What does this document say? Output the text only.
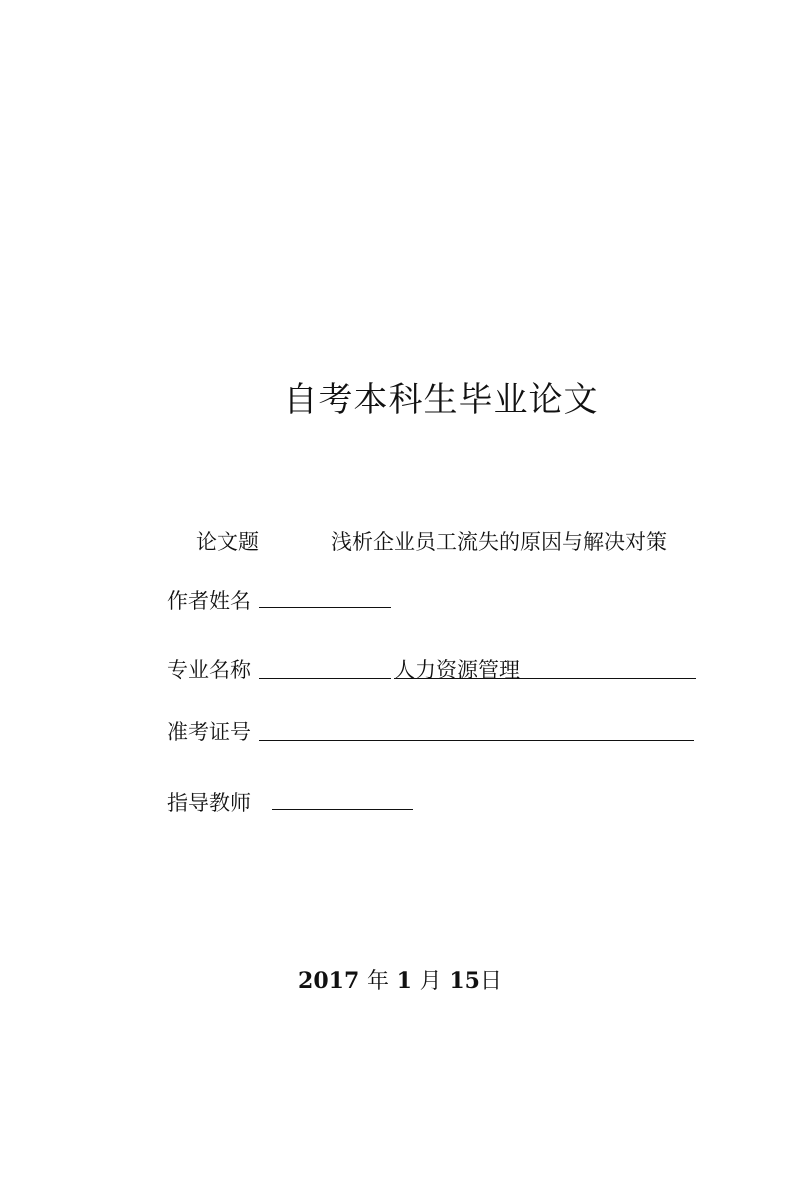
自考本科生毕业论文
论文题	浅析企业员工流失的原因与解决对策
作者姓名
专业名称	人力资源管理
准考证号
指导教师
2017 年 1 月 15日
